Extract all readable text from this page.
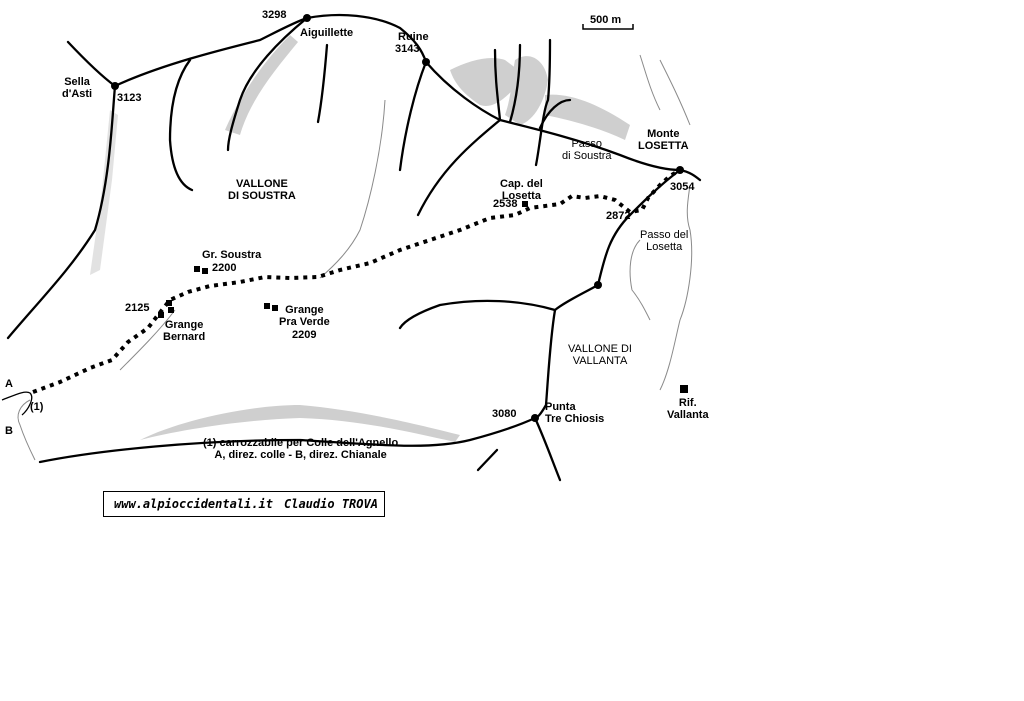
500 m
Sella
d'Asti 3123
3298
Aiguillette	Ruine
3143
Monte
LOSETTA
3054
Passo
di Soustra
Passo del
Losetta
VALLONE
DI SOUSTRA
VALLONE DI
VALLANTA
Cap. del
Losetta
2538
2872
Gr. Soustra
2200
2125
Grange
Bernard
Grange
Pra Verde
2209
Rif.
Vallanta
3080
Punta
Tre Chiosis
A
(1)
B
(1) carrozzabile per Colle dell'Agnello
A, direz. colle - B, direz. Chianale
www.alpioccidentali.it Claudio TROVA
